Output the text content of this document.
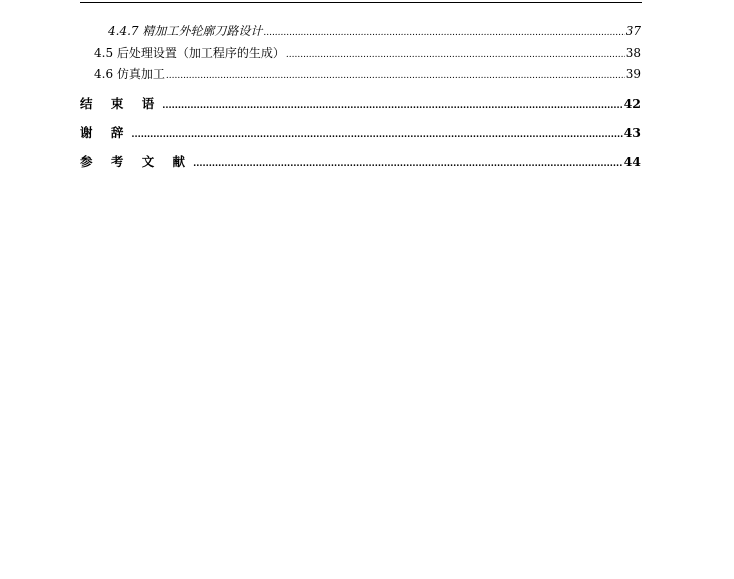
4.4.7 精加工外轮廓刀路设计 .....	37
4.5 后处理设置（加工程序的生成） .....	38
4.6 仿真加工 .....	39
结 束 语 .....	42
谢 辞 .....	43
参 考 文 献 .....	44
